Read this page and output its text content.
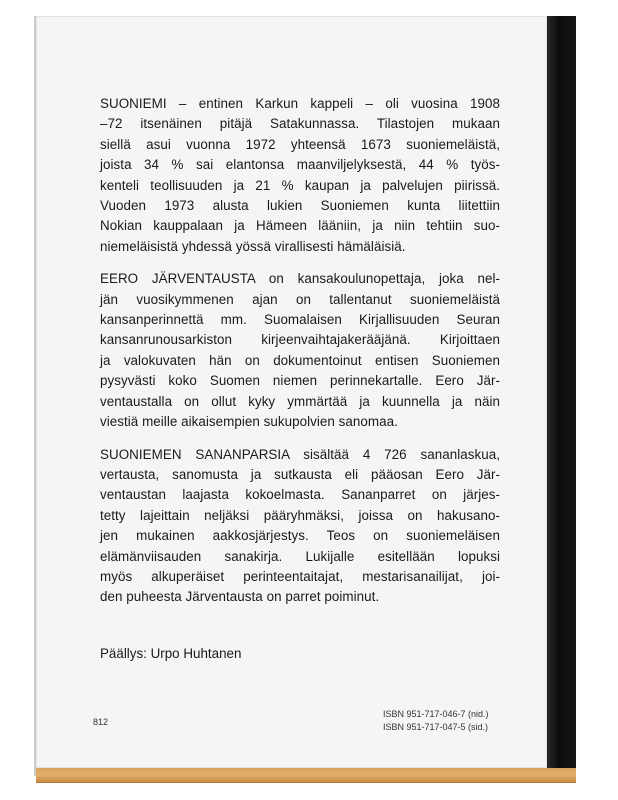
SUONIEMI – entinen Karkun kappeli – oli vuosina 1908
–72 itsenäinen pitäjä Satakunnassa. Tilastojen mukaan
siellä asui vuonna 1972 yhteensä 1673 suoniemeläistä,
joista 34 % sai elantonsa maanviljelyksestä, 44 % työs-
kenteli teollisuuden ja 21 % kaupan ja palvelujen piirissä.
Vuoden 1973 alusta lukien Suoniemen kunta liitettiin
Nokian kauppalaan ja Hämeen lääniin, ja niin tehtiin suo-
niemeläisistä yhdessä yössä virallisesti hämäläisiä.

EERO JÄRVENTAUSTA on kansakoulunopettaja, joka nel-
jän vuosikymmenen ajan on tallentanut suoniemeläistä
kansanperinnettä mm. Suomalaisen Kirjallisuuden Seuran
kansanrunousarkiston kirjeenvaihtajakerääjänä. Kirjoittaen
ja valokuvaten hän on dokumentoinut entisen Suoniemen
pysyvästi koko Suomen niemen perinnekartalle. Eero Jär-
ventaustalla on ollut kyky ymmärtää ja kuunnella ja näin
viestiä meille aikaisempien sukupolvien sanomaa.

SUONIEMEN SANANPARSIA sisältää 4 726 sananlaskua,
vertausta, sanomusta ja sutkausta eli pääosan Eero Jär-
ventaustan laajasta kokoelmasta. Sananparret on järjes-
tetty lajeittain neljäksi pääryhmäksi, joissa on hakusano-
jen mukainen aakkosjärjestys. Teos on suoniemeläisen
elämänviisauden sanakirja. Lukijalle esitellään lopuksi
myös alkuperäiset perinteentaitajat, mestarisanailijat, joi-
den puheesta Järventausta on parret poiminut.

Päällys: Urpo Huhtanen
812
ISBN 951-717-046-7 (nid.)
ISBN 951-717-047-5 (sid.)
